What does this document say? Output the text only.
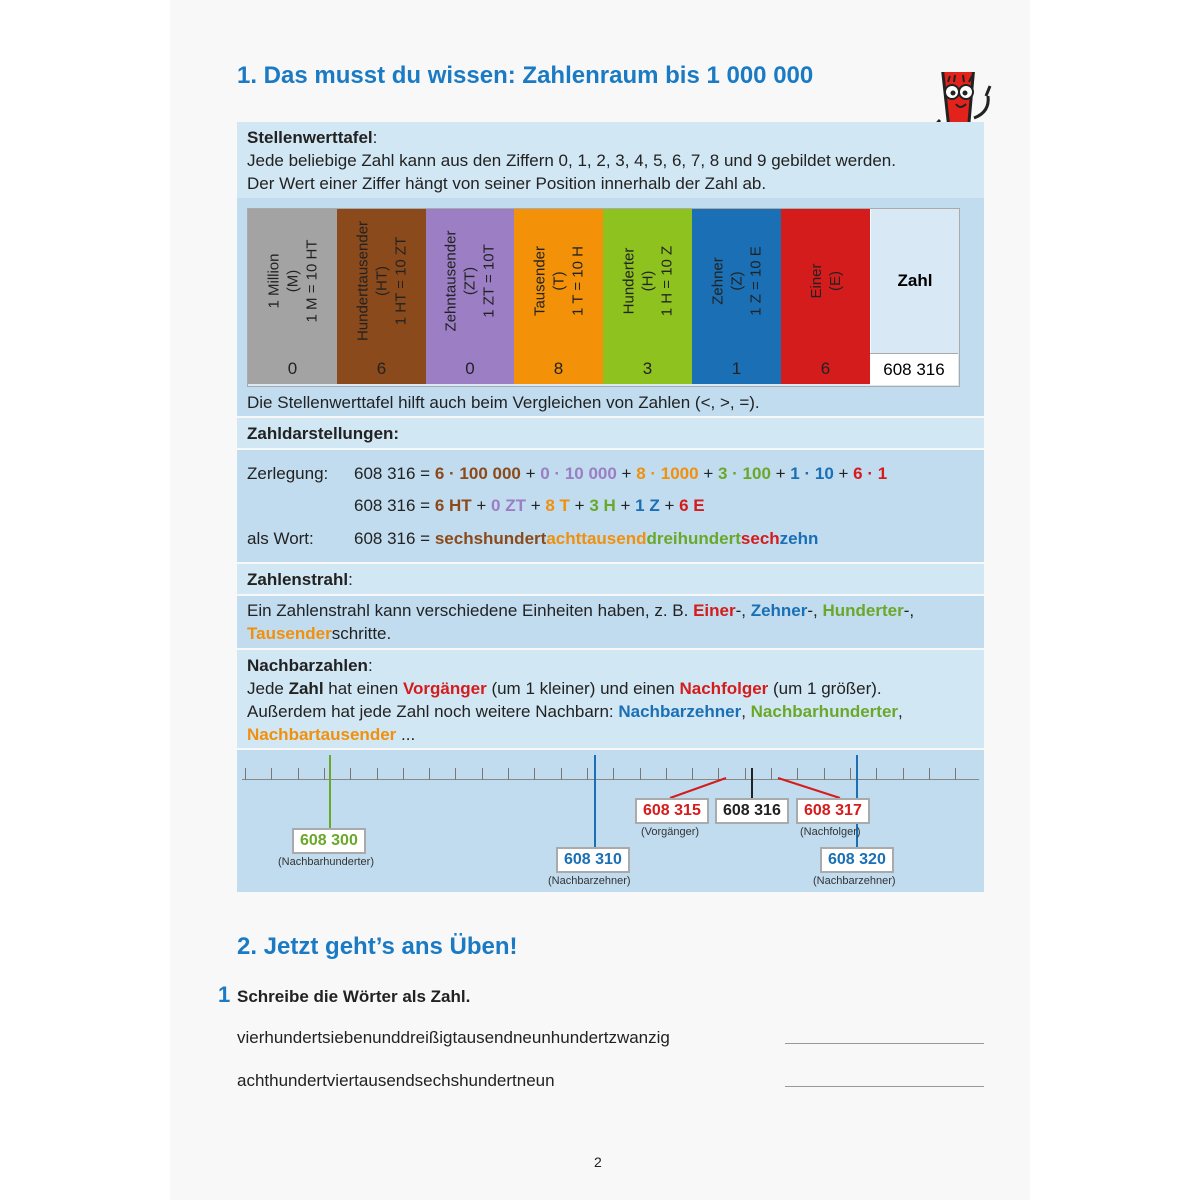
1. Das musst du wissen: Zahlenraum bis 1 000 000
Stellenwerttafel:
Jede beliebige Zahl kann aus den Ziffern 0, 1, 2, 3, 4, 5, 6, 7, 8 und 9 gebildet werden.
Der Wert einer Ziffer hängt von seiner Position innerhalb der Zahl ab.
1 Million (M) 1 M = 10 HT
0
Hunderttausender (HT) 1 HT = 10 ZT
6
Zehntausender (ZT) 1 ZT = 10T
0
Tausender (T) 1 T = 10 H
8
Hunderter (H) 1 H = 10 Z
3
Zehner (Z) 1 Z = 10 E
1
Einer (E)
6
Zahl
608 316
Die Stellenwerttafel hilft auch beim Vergleichen von Zahlen (<, >, =).
Zahldarstellungen:
Zerlegung: 608 316 = 6 · 100 000 + 0 · 10 000 + 8 · 1000 + 3 · 100 + 1 · 10 + 6 · 1
608 316 = 6 HT + 0 ZT + 8 T + 3 H + 1 Z + 6 E
als Wort: 608 316 = sechshundertachttausenddreihundertsechzehn
Zahlenstrahl:
Ein Zahlenstrahl kann verschiedene Einheiten haben, z. B. Einer-, Zehner-, Hunderter-,
Tausenderschritte.
Nachbarzahlen:
Jede Zahl hat einen Vorgänger (um 1 kleiner) und einen Nachfolger (um 1 größer).
Außerdem hat jede Zahl noch weitere Nachbarn: Nachbarzehner, Nachbarhunderter,
Nachbartausender ...
608 300
(Nachbarhunderter)	608 310
(Nachbarzehner)
608 315
(Vorgänger)
608 316	608 317
(Nachfolger)
608 320
(Nachbarzehner)
2. Jetzt geht’s ans Üben!
1 Schreibe die Wörter als Zahl.
vierhundertsiebenunddreißigtausendneunhundertzwanzig
achthundertviertausendsechshundertneun
2
